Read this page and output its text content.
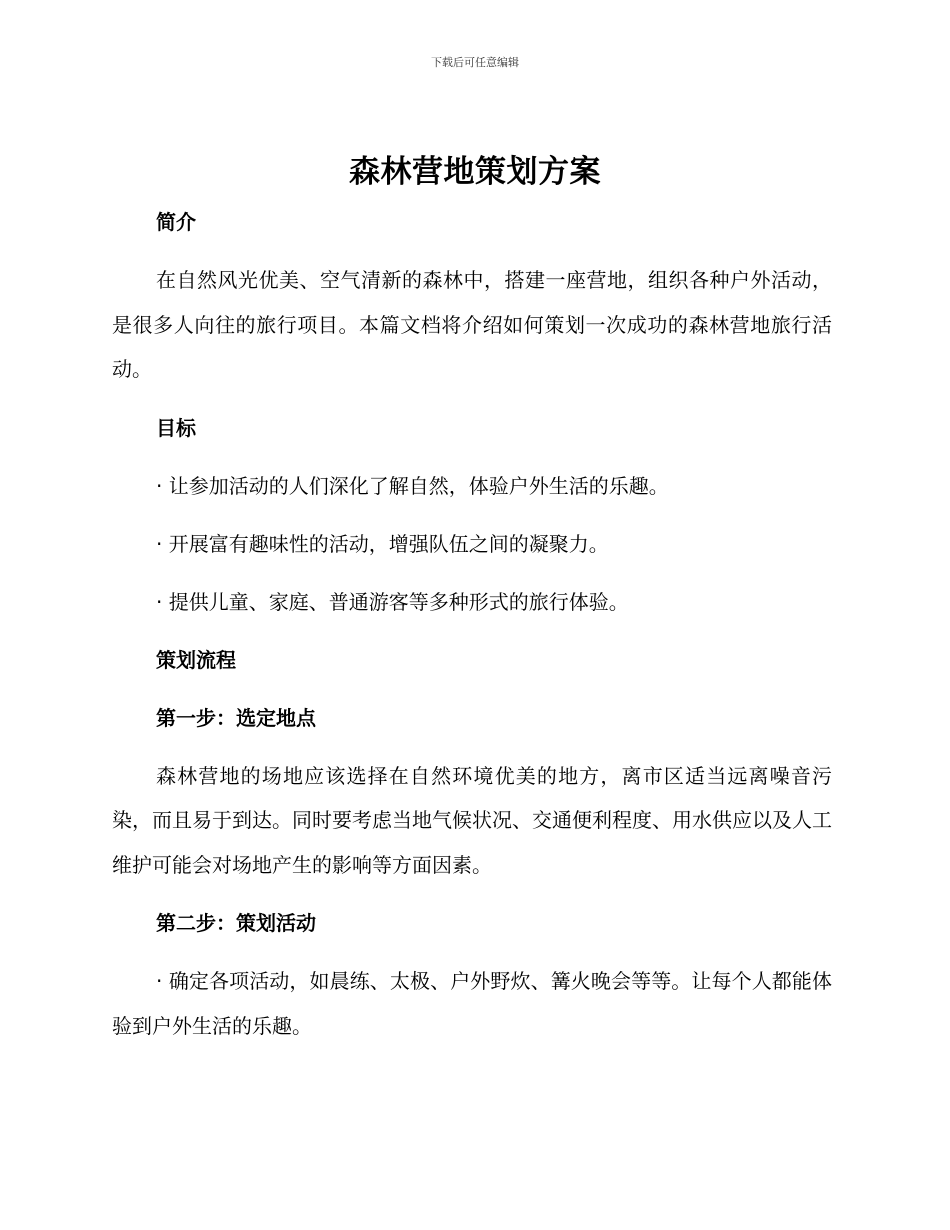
下载后可任意编辑
森林营地策划方案

简介

在自然风光优美、空气清新的森林中，搭建一座营地，组织各种户外活动，是很多人向往的旅行项目。本篇文档将介绍如何策划一次成功的森林营地旅行活动。

目标

· 让参加活动的人们深化了解自然，体验户外生活的乐趣。

· 开展富有趣味性的活动，增强队伍之间的凝聚力。

· 提供儿童、家庭、普通游客等多种形式的旅行体验。

策划流程

第一步：选定地点

森林营地的场地应该选择在自然环境优美的地方，离市区适当远离噪音污染，而且易于到达。同时要考虑当地气候状况、交通便利程度、用水供应以及人工维护可能会对场地产生的影响等方面因素。

第二步：策划活动

· 确定各项活动，如晨练、太极、户外野炊、篝火晚会等等。让每个人都能体验到户外生活的乐趣。
